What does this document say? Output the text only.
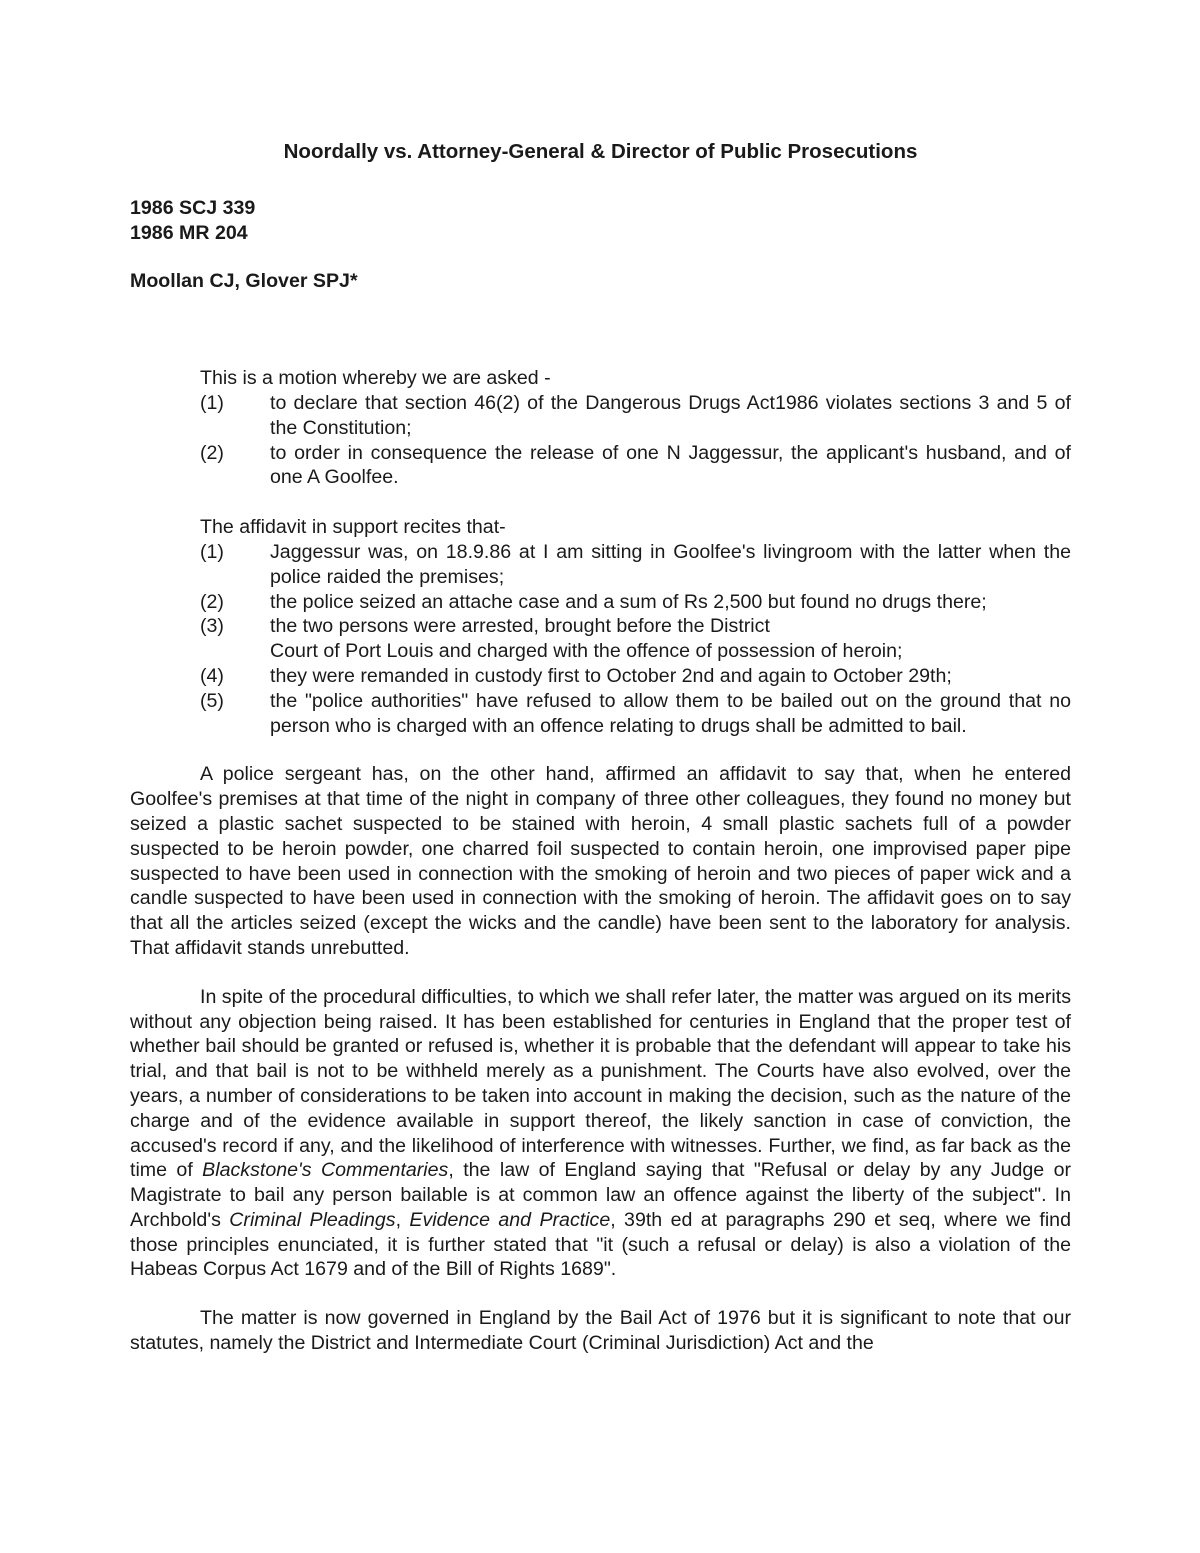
Noordally vs. Attorney-General & Director of Public Prosecutions

1986 SCJ 339

1986 MR 204

Moollan CJ, Glover SPJ*

This is a motion whereby we are asked -

(1)	to declare that section 46(2) of the Dangerous Drugs Act1986 violates sections 3 and 5 of the Constitution;
(2)	to order in consequence the release of one N Jaggessur, the applicant's husband, and of one A Goolfee.

The affidavit in support recites that-

(1)	Jaggessur was, on 18.9.86 at I am sitting in Goolfee's livingroom with the latter when the police raided the premises;
(2)	the police seized an attache case and a sum of Rs 2,500 but found no drugs there;
(3)	the two persons were arrested, brought before the District
Court of Port Louis and charged with the offence of possession of heroin;
(4)	they were remanded in custody first to October 2nd and again to October 29th;
(5)	the "police authorities" have refused to allow them to be bailed out on the ground that no person who is charged with an offence relating to drugs shall be admitted to bail.

A police sergeant has, on the other hand, affirmed an affidavit to say that, when he entered Goolfee's premises at that time of the night in company of three other colleagues, they found no money but seized a plastic sachet suspected to be stained with heroin, 4 small plastic sachets full of a powder suspected to be heroin powder, one charred foil suspected to contain heroin, one improvised paper pipe suspected to have been used in connection with the smoking of heroin and two pieces of paper wick and a candle suspected to have been used in connection with the smoking of heroin. The affidavit goes on to say that all the articles seized (except the wicks and the candle) have been sent to the laboratory for analysis. That affidavit stands unrebutted.

In spite of the procedural difficulties, to which we shall refer later, the matter was argued on its merits without any objection being raised. It has been established for centuries in England that the proper test of whether bail should be granted or refused is, whether it is probable that the defendant will appear to take his trial, and that bail is not to be withheld merely as a punishment. The Courts have also evolved, over the years, a number of considerations to be taken into account in making the decision, such as the nature of the charge and of the evidence available in support thereof, the likely sanction in case of conviction, the accused's record if any, and the likelihood of interference with witnesses. Further, we find, as far back as the time of Blackstone's Commentaries, the law of England saying that "Refusal or delay by any Judge or Magistrate to bail any person bailable is at common law an offence against the liberty of the subject". In Archbold's Criminal Pleadings, Evidence and Practice, 39th ed at paragraphs 290 et seq, where we find those principles enunciated, it is further stated that "it (such a refusal or delay) is also a violation of the Habeas Corpus Act 1679 and of the Bill of Rights 1689".

The matter is now governed in England by the Bail Act of 1976 but it is significant to note that our statutes, namely the District and Intermediate Court (Criminal Jurisdiction) Act and the
